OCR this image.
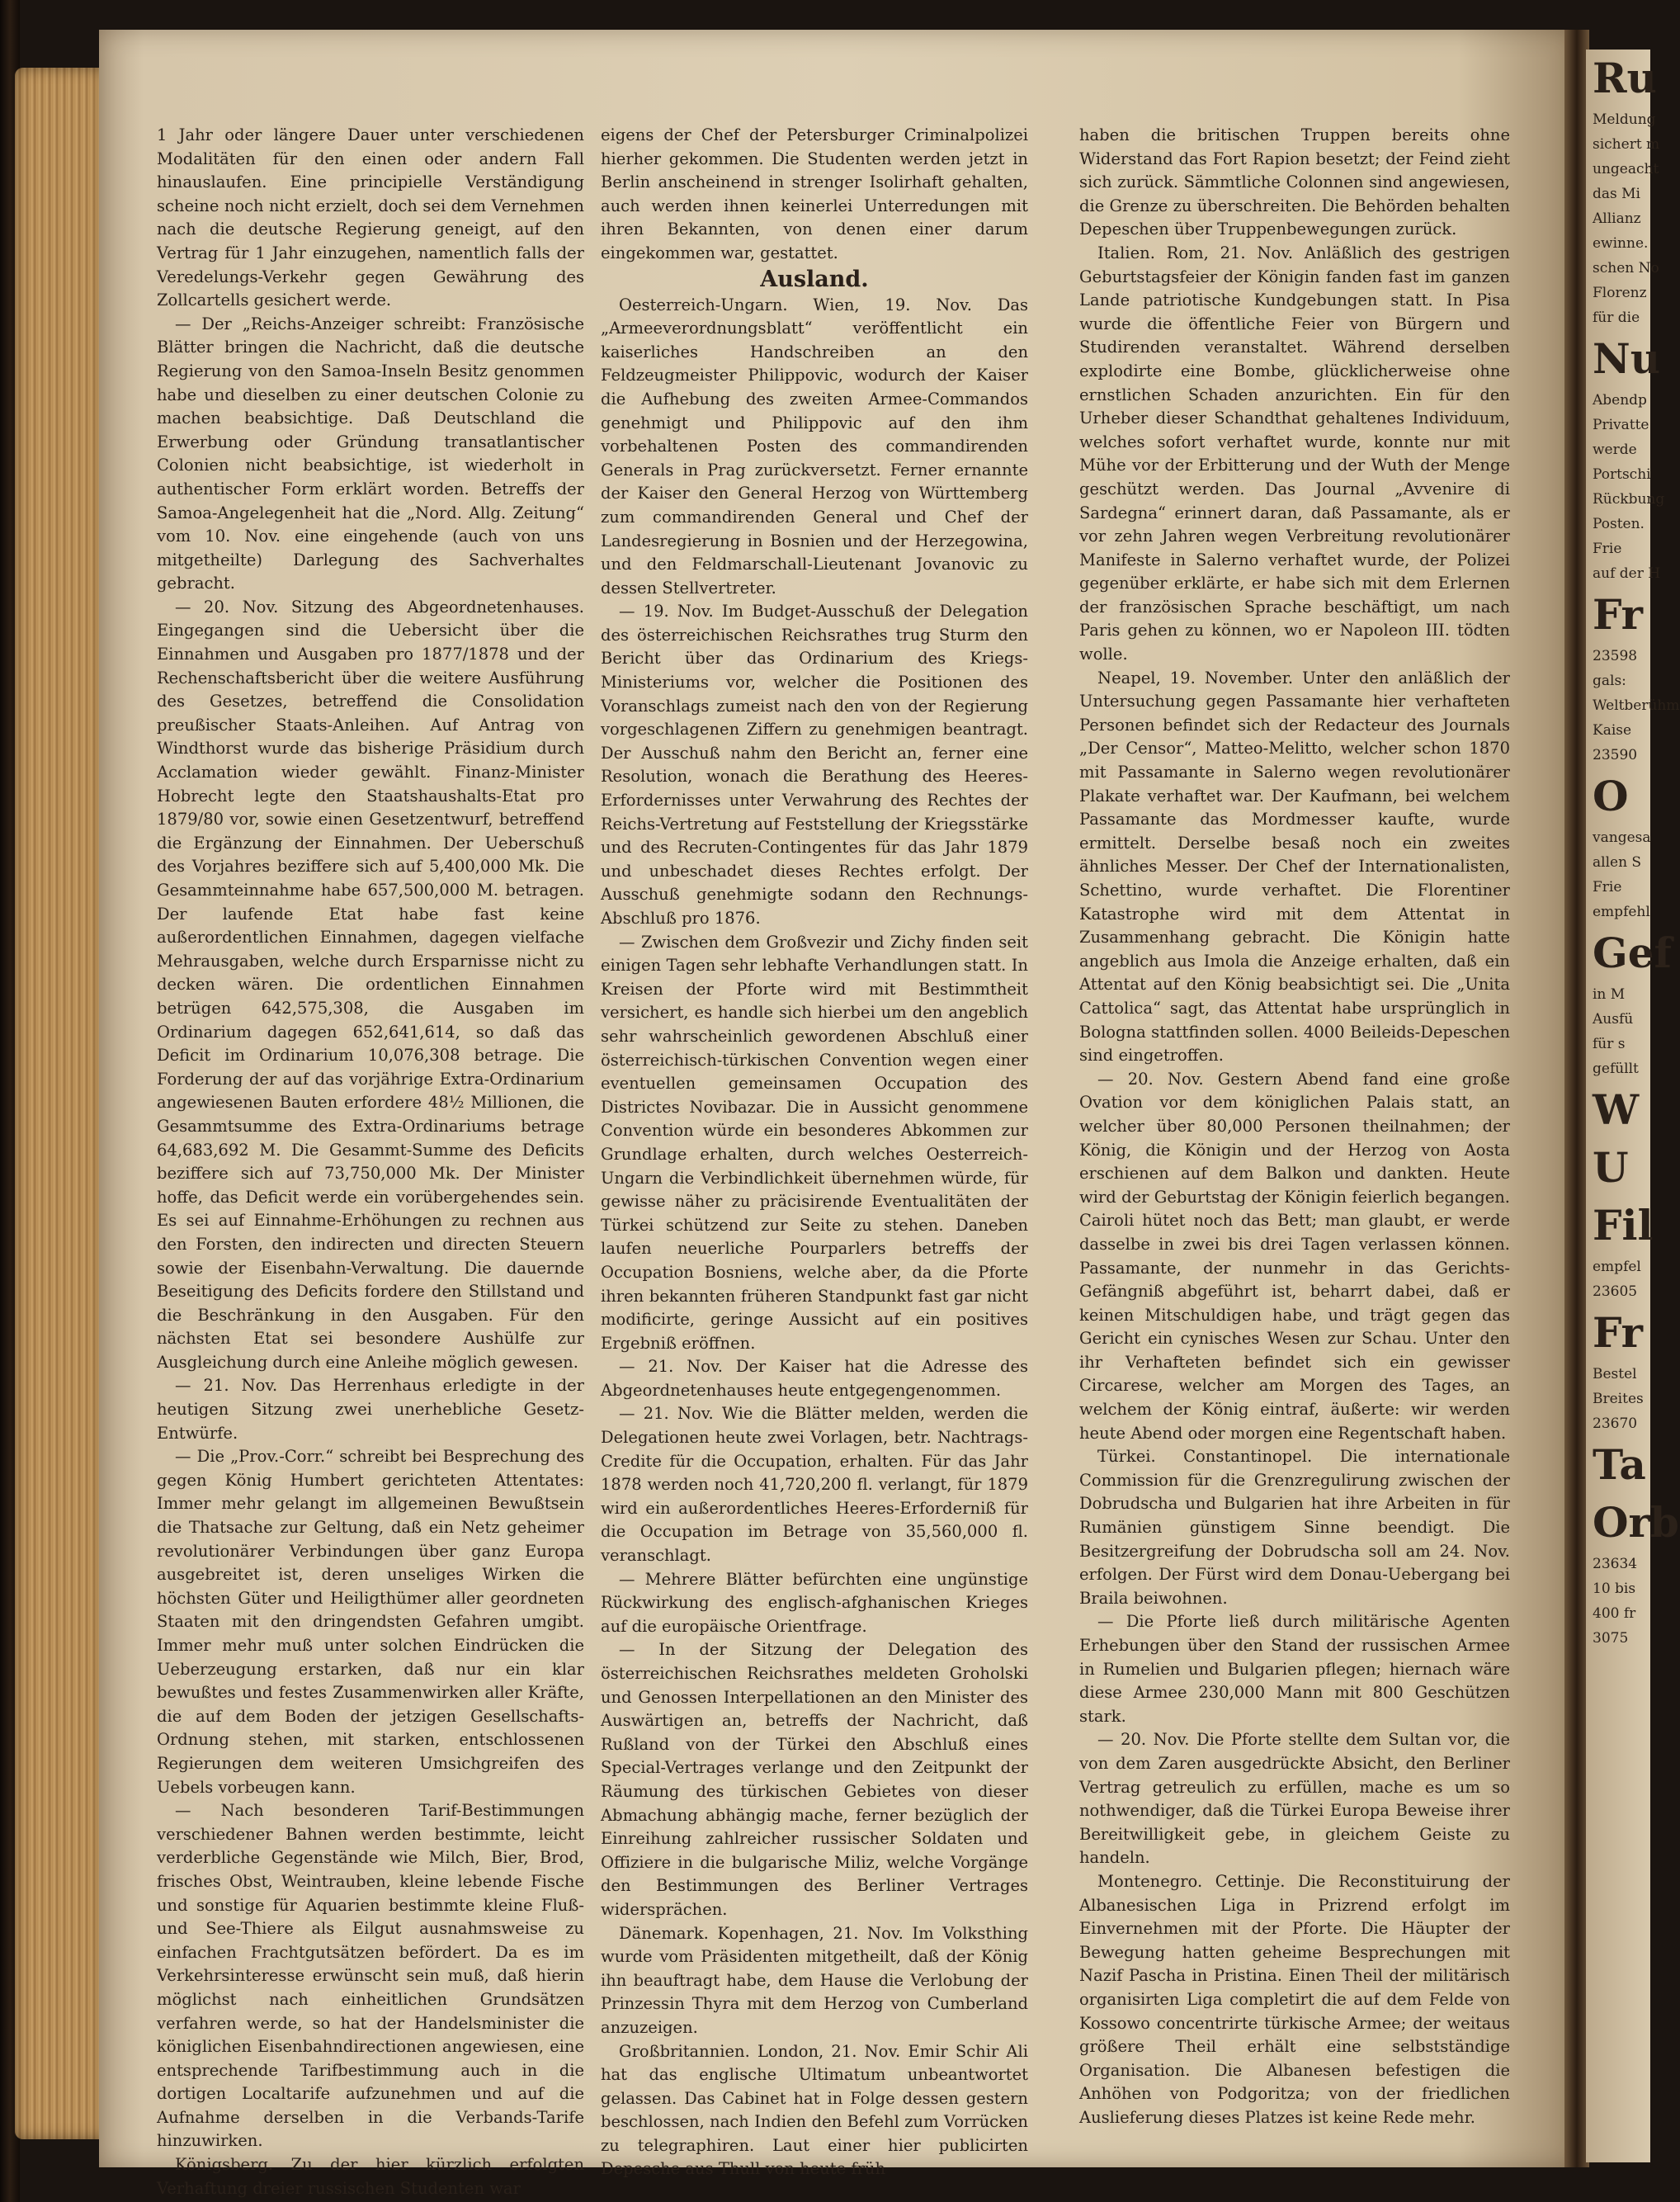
Ru
Meldung
sichert m
ungeacht
das Mi
Allianz
ewinne.
schen No
Florenz
für die
Nu
Abendp
Privatte
werde
Portschi
Rückbung
Posten.
Frie
auf der H
Fr
23598
gals:
Weltberühm
Kaise
23590
O
vangesa
allen S
Frie
empfehl
Gef
in M
Ausfü
für s
gefüllt
W
U
Fil
empfel
23605
Fr
Bestel
Breites
23670
Ta
Orb
23634
10 bis
400 fr
3075

1 Jahr oder längere Dauer unter verschiedenen Modalitäten für den einen oder andern Fall hinauslaufen. Eine principielle Verständigung scheine noch nicht erzielt, doch sei dem Vernehmen nach die deutsche Regierung geneigt, auf den Vertrag für 1 Jahr einzugehen, namentlich falls der Veredelungs-Verkehr gegen Gewährung des Zollcartells gesichert werde.

— Der „Reichs-Anzeiger schreibt: Französische Blätter bringen die Nachricht, daß die deutsche Regierung von den Samoa-Inseln Besitz genommen habe und dieselben zu einer deutschen Colonie zu machen beabsichtige. Daß Deutschland die Erwerbung oder Gründung transatlantischer Colonien nicht beabsichtige, ist wiederholt in authentischer Form erklärt worden. Betreffs der Samoa-Angelegenheit hat die „Nord. Allg. Zeitung“ vom 10. Nov. eine eingehende (auch von uns mitgetheilte) Darlegung des Sachverhaltes gebracht.

— 20. Nov. Sitzung des Abgeordnetenhauses. Eingegangen sind die Uebersicht über die Einnahmen und Ausgaben pro 1877/1878 und der Rechenschaftsbericht über die weitere Ausführung des Gesetzes, betreffend die Consolidation preußischer Staats-Anleihen. Auf Antrag von Windthorst wurde das bisherige Präsidium durch Acclamation wieder gewählt. Finanz-Minister Hobrecht legte den Staatshaushalts-Etat pro 1879/80 vor, sowie einen Gesetzentwurf, betreffend die Ergänzung der Einnahmen. Der Ueberschuß des Vorjahres beziffere sich auf 5,400,000 Mk. Die Gesammteinnahme habe 657,500,000 M. betragen. Der laufende Etat habe fast keine außerordentlichen Einnahmen, dagegen vielfache Mehrausgaben, welche durch Ersparnisse nicht zu decken wären. Die ordentlichen Einnahmen betrügen 642,575,308, die Ausgaben im Ordinarium dagegen 652,641,614, so daß das Deficit im Ordinarium 10,076,308 betrage. Die Forderung der auf das vorjährige Extra-Ordinarium angewiesenen Bauten erfordere 48½ Millionen, die Gesammtsumme des Extra-Ordinariums betrage 64,683,692 M. Die Gesammt-Summe des Deficits beziffere sich auf 73,750,000 Mk. Der Minister hoffe, das Deficit werde ein vorübergehendes sein. Es sei auf Einnahme-Erhöhungen zu rechnen aus den Forsten, den indirecten und directen Steuern sowie der Eisenbahn-Verwaltung. Die dauernde Beseitigung des Deficits fordere den Stillstand und die Beschränkung in den Ausgaben. Für den nächsten Etat sei besondere Aushülfe zur Ausgleichung durch eine Anleihe möglich gewesen.

— 21. Nov. Das Herrenhaus erledigte in der heutigen Sitzung zwei unerhebliche Gesetz-Entwürfe.

— Die „Prov.-Corr.“ schreibt bei Besprechung des gegen König Humbert gerichteten Attentates: Immer mehr gelangt im allgemeinen Bewußtsein die Thatsache zur Geltung, daß ein Netz geheimer revolutionärer Verbindungen über ganz Europa ausgebreitet ist, deren unseliges Wirken die höchsten Güter und Heiligthümer aller geordneten Staaten mit den dringendsten Gefahren umgibt. Immer mehr muß unter solchen Eindrücken die Ueberzeugung erstarken, daß nur ein klar bewußtes und festes Zusammenwirken aller Kräfte, die auf dem Boden der jetzigen Gesellschafts-Ordnung stehen, mit starken, entschlossenen Regierungen dem weiteren Umsichgreifen des Uebels vorbeugen kann.

— Nach besonderen Tarif-Bestimmungen verschiedener Bahnen werden bestimmte, leicht verderbliche Gegenstände wie Milch, Bier, Brod, frisches Obst, Weintrauben, kleine lebende Fische und sonstige für Aquarien bestimmte kleine Fluß- und See-Thiere als Eilgut ausnahmsweise zu einfachen Frachtgutsätzen befördert. Da es im Verkehrsinteresse erwünscht sein muß, daß hierin möglichst nach einheitlichen Grundsätzen verfahren werde, so hat der Handelsminister die königlichen Eisenbahndirectionen angewiesen, eine entsprechende Tarifbestimmung auch in die dortigen Localtarife aufzunehmen und auf die Aufnahme derselben in die Verbands-Tarife hinzuwirken.

Königsberg. Zu der hier kürzlich erfolgten Verhaftung dreier russischen Studenten war

eigens der Chef der Petersburger Criminalpolizei hierher gekommen. Die Studenten werden jetzt in Berlin anscheinend in strenger Isolirhaft gehalten, auch werden ihnen keinerlei Unterredungen mit ihren Bekannten, von denen einer darum eingekommen war, gestattet.

Ausland.

Oesterreich-Ungarn. Wien, 19. Nov. Das „Armeeverordnungsblatt“ veröffentlicht ein kaiserliches Handschreiben an den Feldzeugmeister Philippovic, wodurch der Kaiser die Aufhebung des zweiten Armee-Commandos genehmigt und Philippovic auf den ihm vorbehaltenen Posten des commandirenden Generals in Prag zurückversetzt. Ferner ernannte der Kaiser den General Herzog von Württemberg zum commandirenden General und Chef der Landesregierung in Bosnien und der Herzegowina, und den Feldmarschall-Lieutenant Jovanovic zu dessen Stellvertreter.

— 19. Nov. Im Budget-Ausschuß der Delegation des österreichischen Reichsrathes trug Sturm den Bericht über das Ordinarium des Kriegs-Ministeriums vor, welcher die Positionen des Voranschlags zumeist nach den von der Regierung vorgeschlagenen Ziffern zu genehmigen beantragt. Der Ausschuß nahm den Bericht an, ferner eine Resolution, wonach die Berathung des Heeres-Erfordernisses unter Verwahrung des Rechtes der Reichs-Vertretung auf Feststellung der Kriegsstärke und des Recruten-Contingentes für das Jahr 1879 und unbeschadet dieses Rechtes erfolgt. Der Ausschuß genehmigte sodann den Rechnungs-Abschluß pro 1876.

— Zwischen dem Großvezir und Zichy finden seit einigen Tagen sehr lebhafte Verhandlungen statt. In Kreisen der Pforte wird mit Bestimmtheit versichert, es handle sich hierbei um den angeblich sehr wahrscheinlich gewordenen Abschluß einer österreichisch-türkischen Convention wegen einer eventuellen gemeinsamen Occupation des Districtes Novibazar. Die in Aussicht genommene Convention würde ein besonderes Abkommen zur Grundlage erhalten, durch welches Oesterreich-Ungarn die Verbindlichkeit übernehmen würde, für gewisse näher zu präcisirende Eventualitäten der Türkei schützend zur Seite zu stehen. Daneben laufen neuerliche Pourparlers betreffs der Occupation Bosniens, welche aber, da die Pforte ihren bekannten früheren Standpunkt fast gar nicht modificirte, geringe Aussicht auf ein positives Ergebniß eröffnen.

— 21. Nov. Der Kaiser hat die Adresse des Abgeordnetenhauses heute entgegengenommen.

— 21. Nov. Wie die Blätter melden, werden die Delegationen heute zwei Vorlagen, betr. Nachtrags-Credite für die Occupation, erhalten. Für das Jahr 1878 werden noch 41,720,200 fl. verlangt, für 1879 wird ein außerordentliches Heeres-Erforderniß für die Occupation im Betrage von 35,560,000 fl. veranschlagt.

— Mehrere Blätter befürchten eine ungünstige Rückwirkung des englisch-afghanischen Krieges auf die europäische Orientfrage.

— In der Sitzung der Delegation des österreichischen Reichsrathes meldeten Groholski und Genossen Interpellationen an den Minister des Auswärtigen an, betreffs der Nachricht, daß Rußland von der Türkei den Abschluß eines Special-Vertrages verlange und den Zeitpunkt der Räumung des türkischen Gebietes von dieser Abmachung abhängig mache, ferner bezüglich der Einreihung zahlreicher russischer Soldaten und Offiziere in die bulgarische Miliz, welche Vorgänge den Bestimmungen des Berliner Vertrages widersprächen.

Dänemark. Kopenhagen, 21. Nov. Im Volksthing wurde vom Präsidenten mitgetheilt, daß der König ihn beauftragt habe, dem Hause die Verlobung der Prinzessin Thyra mit dem Herzog von Cumberland anzuzeigen.

Großbritannien. London, 21. Nov. Emir Schir Ali hat das englische Ultimatum unbeantwortet gelassen. Das Cabinet hat in Folge dessen gestern beschlossen, nach Indien den Befehl zum Vorrücken zu telegraphiren. Laut einer hier publicirten Depesche aus Thull von heute früh

haben die britischen Truppen bereits ohne Widerstand das Fort Rapion besetzt; der Feind zieht sich zurück. Sämmtliche Colonnen sind angewiesen, die Grenze zu überschreiten. Die Behörden behalten Depeschen über Truppenbewegungen zurück.

Italien. Rom, 21. Nov. Anläßlich des gestrigen Geburtstagsfeier der Königin fanden fast im ganzen Lande patriotische Kundgebungen statt. In Pisa wurde die öffentliche Feier von Bürgern und Studirenden veranstaltet. Während derselben explodirte eine Bombe, glücklicherweise ohne ernstlichen Schaden anzurichten. Ein für den Urheber dieser Schandthat gehaltenes Individuum, welches sofort verhaftet wurde, konnte nur mit Mühe vor der Erbitterung und der Wuth der Menge geschützt werden. Das Journal „Avvenire di Sardegna“ erinnert daran, daß Passamante, als er vor zehn Jahren wegen Verbreitung revolutionärer Manifeste in Salerno verhaftet wurde, der Polizei gegenüber erklärte, er habe sich mit dem Erlernen der französischen Sprache beschäftigt, um nach Paris gehen zu können, wo er Napoleon III. tödten wolle.

Neapel, 19. November. Unter den anläßlich der Untersuchung gegen Passamante hier verhafteten Personen befindet sich der Redacteur des Journals „Der Censor“, Matteo-Melitto, welcher schon 1870 mit Passamante in Salerno wegen revolutionärer Plakate verhaftet war. Der Kaufmann, bei welchem Passamante das Mordmesser kaufte, wurde ermittelt. Derselbe besaß noch ein zweites ähnliches Messer. Der Chef der Internationalisten, Schettino, wurde verhaftet. Die Florentiner Katastrophe wird mit dem Attentat in Zusammenhang gebracht. Die Königin hatte angeblich aus Imola die Anzeige erhalten, daß ein Attentat auf den König beabsichtigt sei. Die „Unita Cattolica“ sagt, das Attentat habe ursprünglich in Bologna stattfinden sollen. 4000 Beileids-Depeschen sind eingetroffen.

— 20. Nov. Gestern Abend fand eine große Ovation vor dem königlichen Palais statt, an welcher über 80,000 Personen theilnahmen; der König, die Königin und der Herzog von Aosta erschienen auf dem Balkon und dankten. Heute wird der Geburtstag der Königin feierlich begangen. Cairoli hütet noch das Bett; man glaubt, er werde dasselbe in zwei bis drei Tagen verlassen können. Passamante, der nunmehr in das Gerichts-Gefängniß abgeführt ist, beharrt dabei, daß er keinen Mitschuldigen habe, und trägt gegen das Gericht ein cynisches Wesen zur Schau. Unter den ihr Verhafteten befindet sich ein gewisser Circarese, welcher am Morgen des Tages, an welchem der König eintraf, äußerte: wir werden heute Abend oder morgen eine Regentschaft haben.

Türkei. Constantinopel. Die internationale Commission für die Grenzregulirung zwischen der Dobrudscha und Bulgarien hat ihre Arbeiten in für Rumänien günstigem Sinne beendigt. Die Besitzergreifung der Dobrudscha soll am 24. Nov. erfolgen. Der Fürst wird dem Donau-Uebergang bei Braila beiwohnen.

— Die Pforte ließ durch militärische Agenten Erhebungen über den Stand der russischen Armee in Rumelien und Bulgarien pflegen; hiernach wäre diese Armee 230,000 Mann mit 800 Geschützen stark.

— 20. Nov. Die Pforte stellte dem Sultan vor, die von dem Zaren ausgedrückte Absicht, den Berliner Vertrag getreulich zu erfüllen, mache es um so nothwendiger, daß die Türkei Europa Beweise ihrer Bereitwilligkeit gebe, in gleichem Geiste zu handeln.

Montenegro. Cettinje. Die Reconstituirung der Albanesischen Liga in Prizrend erfolgt im Einvernehmen mit der Pforte. Die Häupter der Bewegung hatten geheime Besprechungen mit Nazif Pascha in Pristina. Einen Theil der militärisch organisirten Liga completirt die auf dem Felde von Kossowo concentrirte türkische Armee; der weitaus größere Theil erhält eine selbstständige Organisation. Die Albanesen befestigen die Anhöhen von Podgoritza; von der friedlichen Auslieferung dieses Platzes ist keine Rede mehr.
